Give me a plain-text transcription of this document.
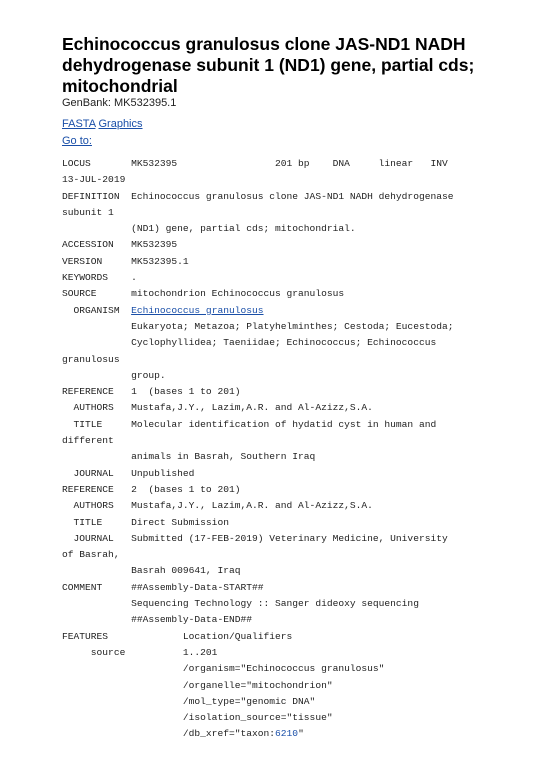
Echinococcus granulosus clone JAS-ND1 NADH dehydrogenase subunit 1 (ND1) gene, partial cds; mitochondrial
GenBank: MK532395.1
FASTA Graphics
Go to:
LOCUS       MK532395                 201 bp    DNA     linear   INV
13-JUL-2019
DEFINITION  Echinococcus granulosus clone JAS-ND1 NADH dehydrogenase
subunit 1
(ND1) gene, partial cds; mitochondrial.
ACCESSION   MK532395
VERSION     MK532395.1
KEYWORDS    .
SOURCE      mitochondrion Echinococcus granulosus
ORGANISM  Echinococcus granulosus
Eukaryota; Metazoa; Platyhelminthes; Cestoda; Eucestoda;
Cyclophyllidea; Taeniidae; Echinococcus; Echinococcus
granulosus
group.
REFERENCE   1  (bases 1 to 201)
AUTHORS   Mustafa,J.Y., Lazim,A.R. and Al-Azizz,S.A.
TITLE     Molecular identification of hydatid cyst in human and
different
animals in Basrah, Southern Iraq
JOURNAL   Unpublished
REFERENCE   2  (bases 1 to 201)
AUTHORS   Mustafa,J.Y., Lazim,A.R. and Al-Azizz,S.A.
TITLE     Direct Submission
JOURNAL   Submitted (17-FEB-2019) Veterinary Medicine, University
of Basrah,
Basrah 009641, Iraq
COMMENT     ##Assembly-Data-START##
Sequencing Technology :: Sanger dideoxy sequencing
##Assembly-Data-END##
FEATURES             Location/Qualifiers
source          1..201
/organism="Echinococcus granulosus"
/organelle="mitochondrion"
/mol_type="genomic DNA"
/isolation_source="tissue"
/db_xref="taxon:6210"
